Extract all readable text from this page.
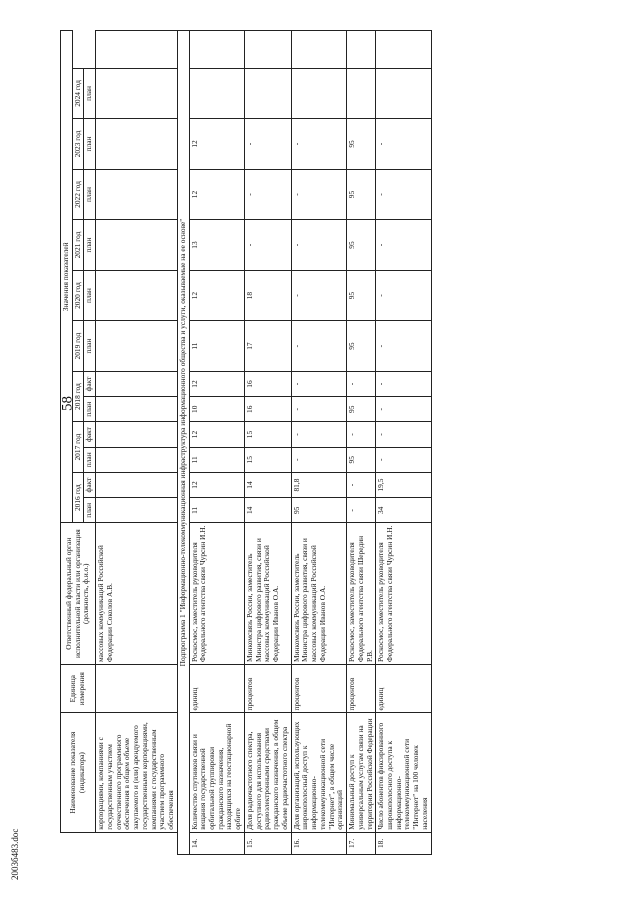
58
2003б483.doc
	Наименование показателя (индикатора)	Единица измерения	Ответственный федеральный орган исполнительной власти или организация (должность, ф.и.о.)	Значения показателей												
				2016 год		2017 год		2018 год		2019 год	2020 год	2021 год	2022 год	2023 год	2024 год	
				план	факт	план	факт	план	факт	план	план	план	план	план	план	
	корпорациями, компаниями с государственным участием отечественного программного обеспечения в общем объеме закупаемого и (или) арендуемого государственными корпорациями, компаниями с государственным участием программного обеспечения		массовых коммуникаций Российской Федерации Соколов А.В.													
Подпрограмма 1 "Информационно-телекоммуникационная инфраструктура информационного общества и услуги, оказываемые на ее основе"																
14.	Количество спутников связи и вещания государственной орбитальной группировки гражданского назначения, находящихся на геостационарной орбите	единиц	Роскосмос, заместитель руководителя Федерального агентства связи Чурсин И.Н.	11	12	11	12	10	12	11	12	13	12	12		
15.	Доля радиочастотного спектра, доступного для использования радиоэлектронными средствами гражданского назначения, в общем объеме радиочастотного спектра	процентов	Минкомсвязь России, заместитель Министра цифрового развития, связи и массовых коммуникаций Российской Федерации Иванов О.А.	14	14	15	15	16	16	17	18	-	-	-		
16.	Доля организаций, использующих широкополосный доступ к информационно-телекоммуникационной сети "Интернет", в общем числе организаций	процентов	Минкомсвязь России, заместитель Министра цифрового развития, связи и массовых коммуникаций Российской Федерации Иванов О.А.	95	81,8	-	-	-	-	-	-	-	-	-		
17.	Минимальный доступ к универсальным услугам связи на территории Российской Федерации	процентов	Роскосмос, заместитель руководителя Федерального агентства связи Шередин Р.В.	-	-	95	-	95	-	95	95	95	95	95		
18.	Число абонентов фиксированного широкополосного доступа к информационно-телекоммуникационной сети "Интернет" на 100 человек населения	единиц	Роскосмос, заместитель руководителя Федерального агентства связи Чурсин И.Н.	34	19,5	-	-	-	-	-	-	-	-	-		
